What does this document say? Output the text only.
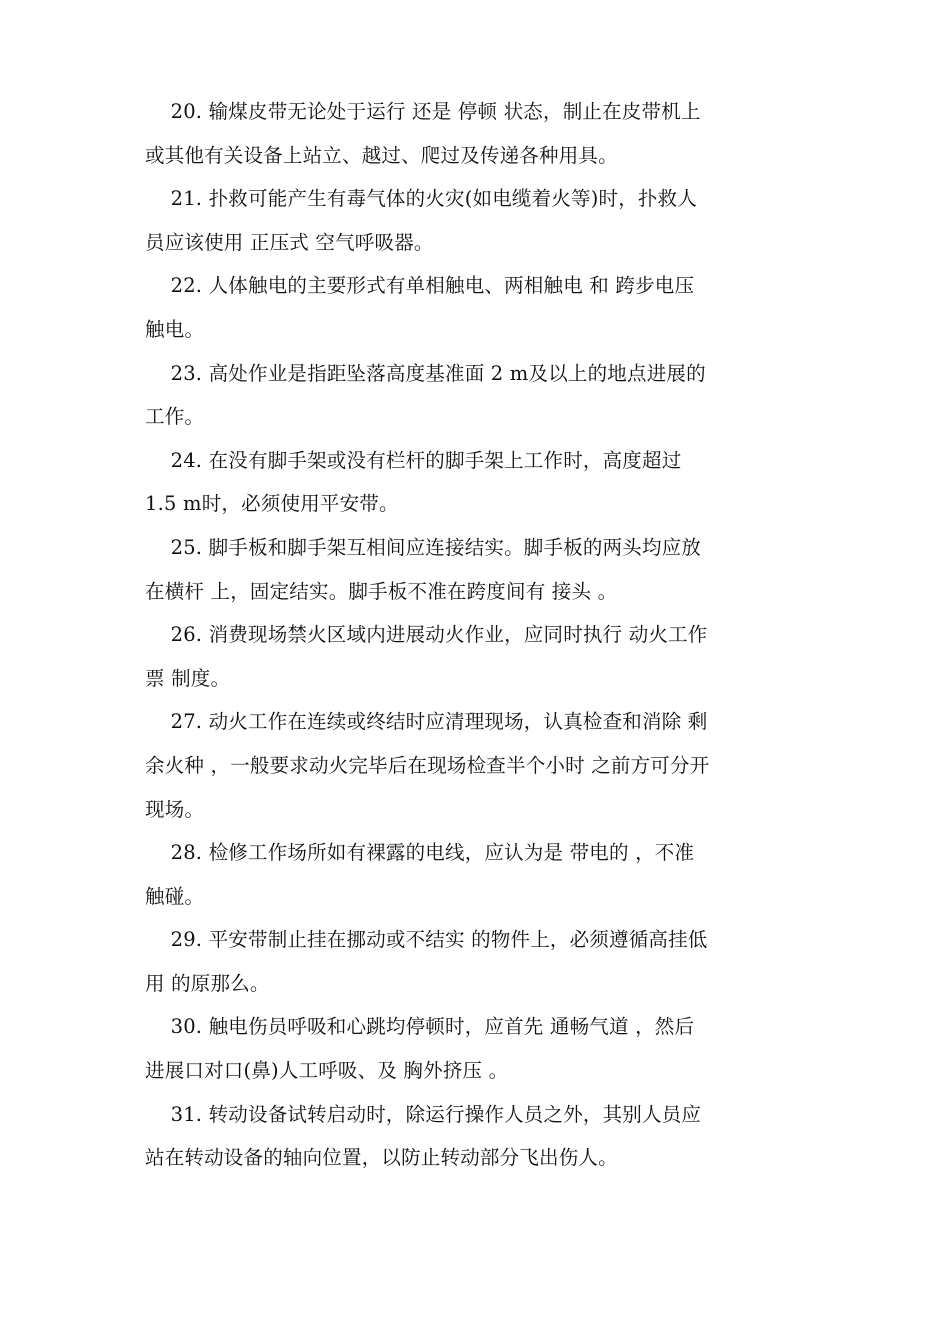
20. 输煤皮带无论处于运行 还是 停顿 状态，制止在皮带机上
或其他有关设备上站立、越过、爬过及传递各种用具。
21. 扑救可能产生有毒气体的火灾(如电缆着火等)时，扑救人
员应该使用 正压式 空气呼吸器。
22. 人体触电的主要形式有单相触电、两相触电 和 跨步电压
触电。
23. 高处作业是指距坠落高度基准面 2 m及以上的地点进展的
工作。
24. 在没有脚手架或没有栏杆的脚手架上工作时，高度超过
1.5 m时，必须使用平安带。
25. 脚手板和脚手架互相间应连接结实。脚手板的两头均应放
在横杆 上，固定结实。脚手板不准在跨度间有 接头 。
26. 消费现场禁火区域内进展动火作业，应同时执行 动火工作
票 制度。
27. 动火工作在连续或终结时应清理现场，认真检查和消除 剩
余火种 ，一般要求动火完毕后在现场检查半个小时 之前方可分开
现场。
28. 检修工作场所如有裸露的电线，应认为是 带电的 ，不准
触碰。
29. 平安带制止挂在挪动或不结实 的物件上，必须遵循高挂低
用 的原那么。
30. 触电伤员呼吸和心跳均停顿时，应首先 通畅气道 ，然后
进展口对口(鼻)人工呼吸、及 胸外挤压 。
31. 转动设备试转启动时，除运行操作人员之外，其别人员应
站在转动设备的轴向位置，以防止转动部分飞出伤人。
